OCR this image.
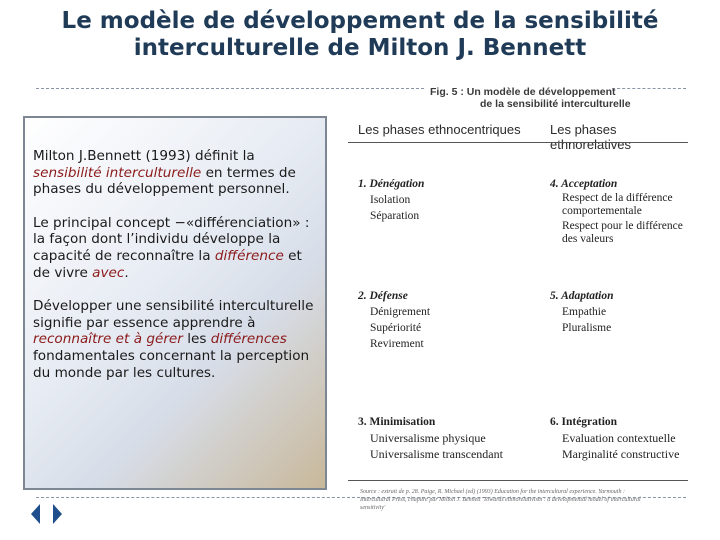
Le modèle de développement de la sensibilité
interculturelle de Milton J. Bennett
Fig. 5 : Un modèle de développement
de la sensibilité interculturelle

Milton J.Bennett (1993) définit la sensibilité interculturelle en termes de phases du développement personnel.

Le principal concept −«différenciation» : la façon dont l’individu développe la capacité de reconnaître la différence et de vivre avec.

Développer une sensibilité interculturelle signifie par essence apprendre à reconnaître et à gérer les différences fondamentales concernant la perception du monde par les cultures.

Les phases ethnocentriques Les phases ethnorelatives
1. Dénégation
Isolation
Séparation
4. Acceptation
Respect de la différence comportementale
Respect pour le différence des valeurs
2. Défense
Dénigrement
Supériorité
Revirement
5. Adaptation
Empathie
Pluralisme
3. Minimisation
Universalisme physique
Universalisme transcendant
6. Intégration
Evaluation contextuelle
Marginalité constructive
Source : extrait de p. 28. Paige, R. Michael (ed) (1993) Education for the intercultural experience. Yarmouth : Intercultural Press, chapitre par Milton J. Bennett 'Towards ethnorelativism : a developmental model of intercultural sensitivity'
